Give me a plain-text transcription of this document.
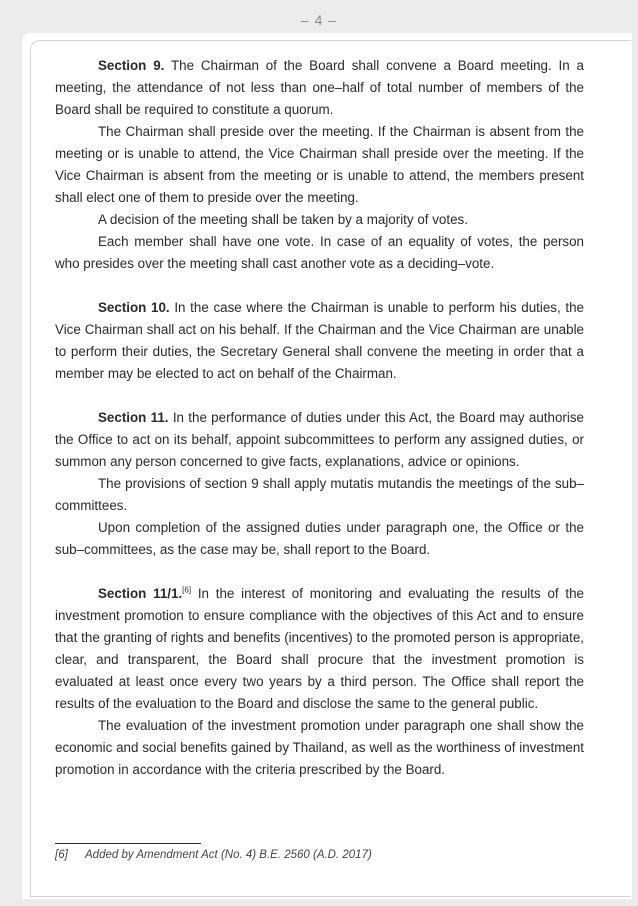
– 4 –

Section 9. The Chairman of the Board shall convene a Board meeting. In a meeting, the attendance of not less than one–half of total number of members of the Board shall be required to constitute a quorum.

The Chairman shall preside over the meeting. If the Chairman is absent from the meeting or is unable to attend, the Vice Chairman shall preside over the meeting. If the Vice Chairman is absent from the meeting or is unable to attend, the members present shall elect one of them to preside over the meeting.

A decision of the meeting shall be taken by a majority of votes.

Each member shall have one vote. In case of an equality of votes, the person who presides over the meeting shall cast another vote as a deciding–vote.

Section 10. In the case where the Chairman is unable to perform his duties, the Vice Chairman shall act on his behalf. If the Chairman and the Vice Chairman are unable to perform their duties, the Secretary General shall convene the meeting in order that a member may be elected to act on behalf of the Chairman.

Section 11. In the performance of duties under this Act, the Board may authorise the Office to act on its behalf, appoint subcommittees to perform any assigned duties, or summon any person concerned to give facts, explanations, advice or opinions.

The provisions of section 9 shall apply mutatis mutandis the meetings of the sub–committees.

Upon completion of the assigned duties under paragraph one, the Office or the sub–committees, as the case may be, shall report to the Board.

Section 11/1.[6] In the interest of monitoring and evaluating the results of the investment promotion to ensure compliance with the objectives of this Act and to ensure that the granting of rights and benefits (incentives) to the promoted person is appropriate, clear, and transparent, the Board shall procure that the investment promotion is evaluated at least once every two years by a third person. The Office shall report the results of the evaluation to the Board and disclose the same to the general public.

The evaluation of the investment promotion under paragraph one shall show the economic and social benefits gained by Thailand, as well as the worthiness of investment promotion in accordance with the criteria prescribed by the Board.

[6] Added by Amendment Act (No. 4) B.E. 2560 (A.D. 2017)
